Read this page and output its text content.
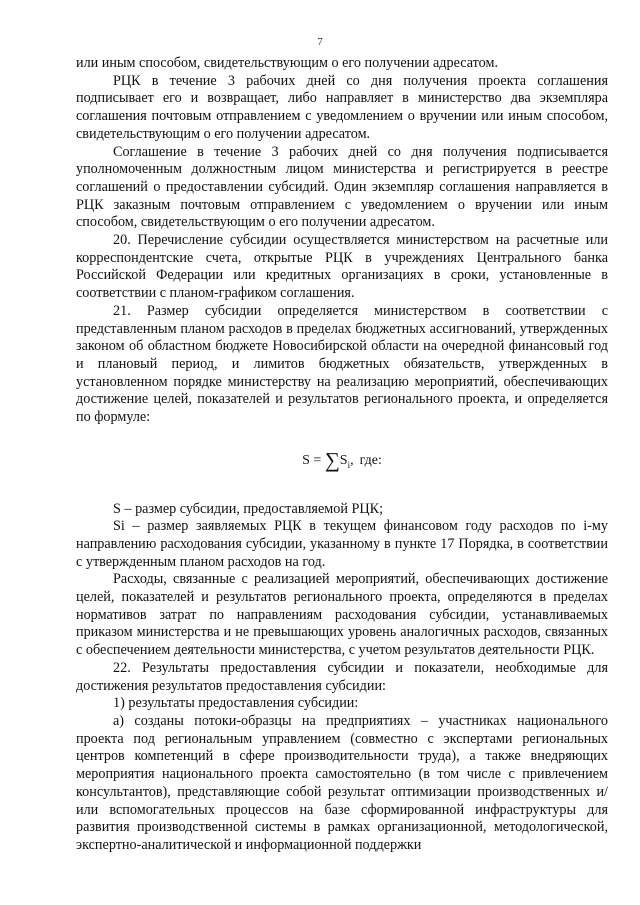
7

или иным способом, свидетельствующим о его получении адресатом.

РЦК в течение 3 рабочих дней со дня получения проекта соглашения подписывает его и возвращает, либо направляет в министерство два экземпляра соглашения почтовым отправлением с уведомлением о вручении или иным способом, свидетельствующим о его получении адресатом.

Соглашение в течение 3 рабочих дней со дня получения подписывается уполномоченным должностным лицом министерства и регистрируется в реестре соглашений о предоставлении субсидий. Один экземпляр соглашения направляется в РЦК заказным почтовым отправлением с уведомлением о вручении или иным способом, свидетельствующим о его получении адресатом.

20. Перечисление субсидии осуществляется министерством на расчетные или корреспондентские счета, открытые РЦК в учреждениях Центрального банка Российской Федерации или кредитных организациях в сроки, установленные в соответствии с планом-графиком соглашения.

21. Размер субсидии определяется министерством в соответствии с представленным планом расходов в пределах бюджетных ассигнований, утвержденных законом об областном бюджете Новосибирской области на очередной финансовый год и плановый период, и лимитов бюджетных обязательств, утвержденных в установленном порядке министерству на реализацию мероприятий, обеспечивающих достижение целей, показателей и результатов регионального проекта, и определяется по формуле:

$S = \sum S_i$, где:

S – размер субсидии, предоставляемой РЦК;

Si – размер заявляемых РЦК в текущем финансовом году расходов по i-му направлению расходования субсидии, указанному в пункте 17 Порядка, в соответствии с утвержденным планом расходов на год.

Расходы, связанные с реализацией мероприятий, обеспечивающих достижение целей, показателей и результатов регионального проекта, определяются в пределах нормативов затрат по направлениям расходования субсидии, устанавливаемых приказом министерства и не превышающих уровень аналогичных расходов, связанных с обеспечением деятельности министерства, с учетом результатов деятельности РЦК.

22. Результаты предоставления субсидии и показатели, необходимые для достижения результатов предоставления субсидии:

1) результаты предоставления субсидии:

а) созданы потоки-образцы на предприятиях – участниках национального проекта под региональным управлением (совместно с экспертами региональных центров компетенций в сфере производительности труда), а также внедряющих мероприятия национального проекта самостоятельно (в том числе с привлечением консультантов), представляющие собой результат оптимизации производственных и/или вспомогательных процессов на базе сформированной инфраструктуры для развития производственной системы в рамках организационной, методологической, экспертно-аналитической и информационной поддержки
